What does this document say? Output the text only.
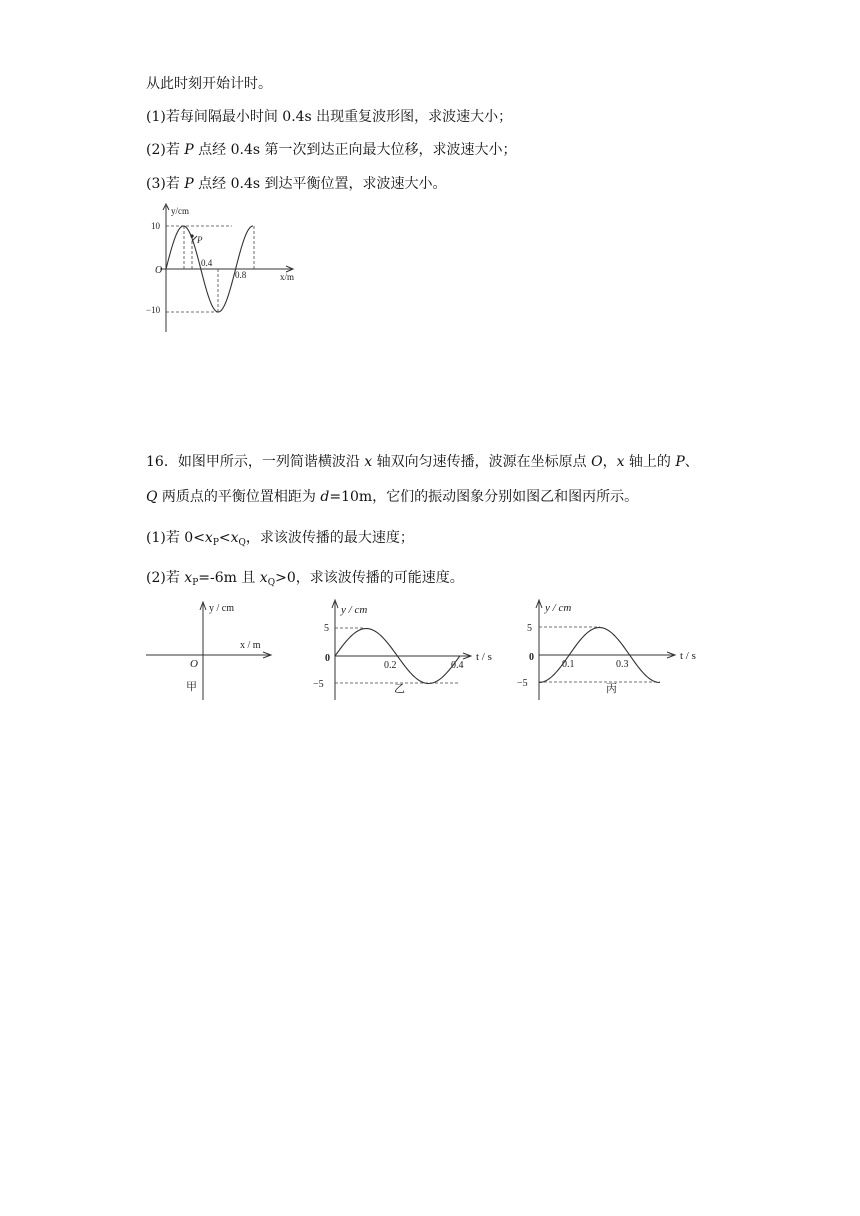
从此时刻开始计时。
(1)若每间隔最小时间 0.4s 出现重复波形图，求波速大小；
(2)若 P 点经 0.4s 第一次到达正向最大位移，求波速大小；
(3)若 P 点经 0.4s 到达平衡位置，求波速大小。
y/cm
x/m
O
10
−10
0.4
0.8
P
16．如图甲所示，一列简谐横波沿 x 轴双向匀速传播，波源在坐标原点 O，x 轴上的 P、
Q 两质点的平衡位置相距为 d=10m，它们的振动图象分别如图乙和图丙所示。
(1)若 $0<x_P<x_Q$，求该波传播的最大速度；
(2)若 $x_P=-6m$ 且 $x_Q>0$，求该波传播的可能速度。
y / cm
x / m
O
甲
y / cm
t / s
5
−5
0
0.2	0.4
乙
y / cm
t / s
5
−5
0
0.1	0.3
丙
